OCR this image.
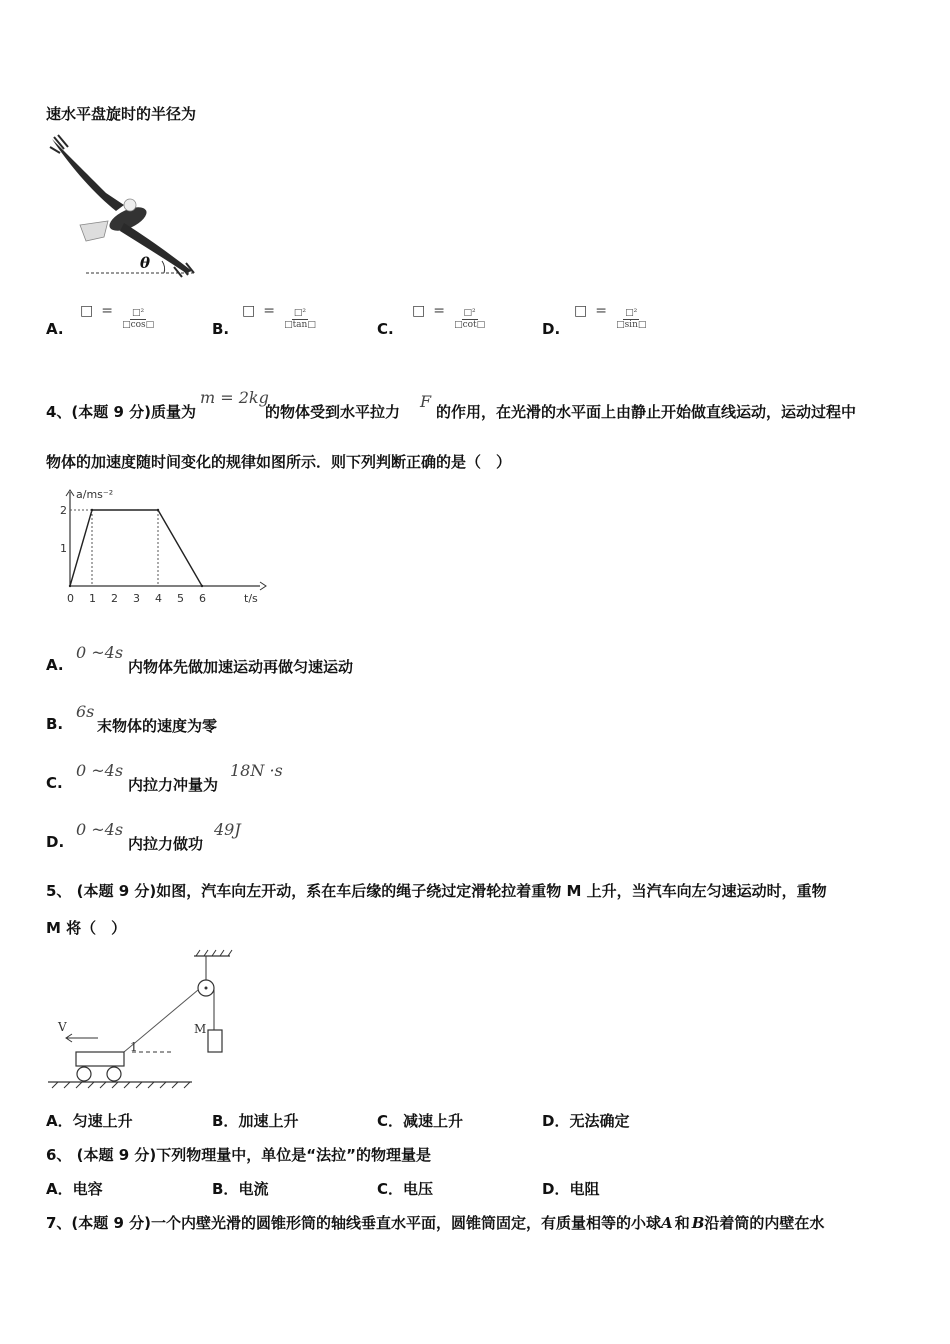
速水平盘旋时的半径为
θ
A.
□ = $\frac{\text{□²}}{□\cos□}$	B.
□ = $\frac{\text{□²}}{□\tan□}$	C.
□ = $\frac{\text{□²}}{□\cot□}$	D.
□ = $\frac{\text{□²}}{□\sin□}$
4、(本题 9 分)质量为
m = 2kg
的物体受到水平拉力
F
的作用，在光滑的水平面上由静止开始做直线运动，运动过程中
物体的加速度随时间变化的规律如图所示．则下列判断正确的是（　）
0 1 2 3 4 5 6
1
2
a/ms⁻²
t/s
A.
0 ~4s
内物体先做加速运动再做匀速运动
B.
6s
末物体的速度为零
C.
0 ~4s
内拉力冲量为
18N ·s
D.
0 ~4s
内拉力做功
49J
5、 (本题 9 分)如图，汽车向左开动，系在车后缘的绳子绕过定滑轮拉着重物 M 上升，当汽车向左匀速运动时，重物
M 将（　）
V	M
1
A．匀速上升	B．加速上升	C．减速上升	D．无法确定
6、 (本题 9 分)下列物理量中，单位是“法拉”的物理量是
A．电容	B．电流	C．电压	D．电阻
7、(本题 9 分)一个内壁光滑的圆锥形筒的轴线垂直水平面，圆锥筒固定，有质量相等的小球A 和 B沿着筒的内壁在水
